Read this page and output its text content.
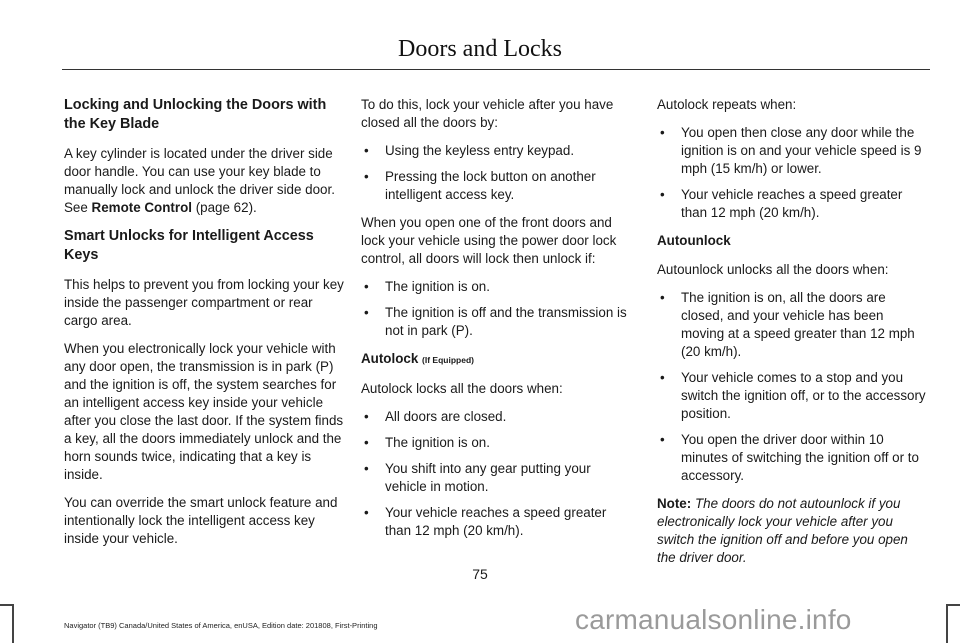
Doors and Locks
Locking and Unlocking the Doors with the Key Blade

A key cylinder is located under the driver side door handle. You can use your key blade to manually lock and unlock the driver side door. See Remote Control (page 62).

Smart Unlocks for Intelligent Access Keys

This helps to prevent you from locking your key inside the passenger compartment or rear cargo area.

When you electronically lock your vehicle with any door open, the transmission is in park (P) and the ignition is off, the system searches for an intelligent access key inside your vehicle after you close the last door. If the system finds a key, all the doors immediately unlock and the horn sounds twice, indicating that a key is inside.

You can override the smart unlock feature and intentionally lock the intelligent access key inside your vehicle.

To do this, lock your vehicle after you have closed all the doors by:

• Using the keyless entry keypad.
• Pressing the lock button on another intelligent access key.

When you open one of the front doors and lock your vehicle using the power door lock control, all doors will lock then unlock if:

• The ignition is on.
• The ignition is off and the transmission is not in park (P).
Autolock (If Equipped)

Autolock locks all the doors when:

• All doors are closed.
• The ignition is on.
• You shift into any gear putting your vehicle in motion.
• Your vehicle reaches a speed greater than 12 mph (20 km/h).

Autolock repeats when:

• You open then close any door while the ignition is on and your vehicle speed is 9 mph (15 km/h) or lower.
• Your vehicle reaches a speed greater than 12 mph (20 km/h).
Autounlock

Autounlock unlocks all the doors when:

• The ignition is on, all the doors are closed, and your vehicle has been moving at a speed greater than 12 mph (20 km/h).
• Your vehicle comes to a stop and you switch the ignition off, or to the accessory position.
• You open the driver door within 10 minutes of switching the ignition off or to accessory.

Note: The doors do not autounlock if you electronically lock your vehicle after you switch the ignition off and before you open the driver door.

75
Navigator (TB9) Canada/United States of America, enUSA, Edition date: 201808, First-Printing	carmanualsonline.info
